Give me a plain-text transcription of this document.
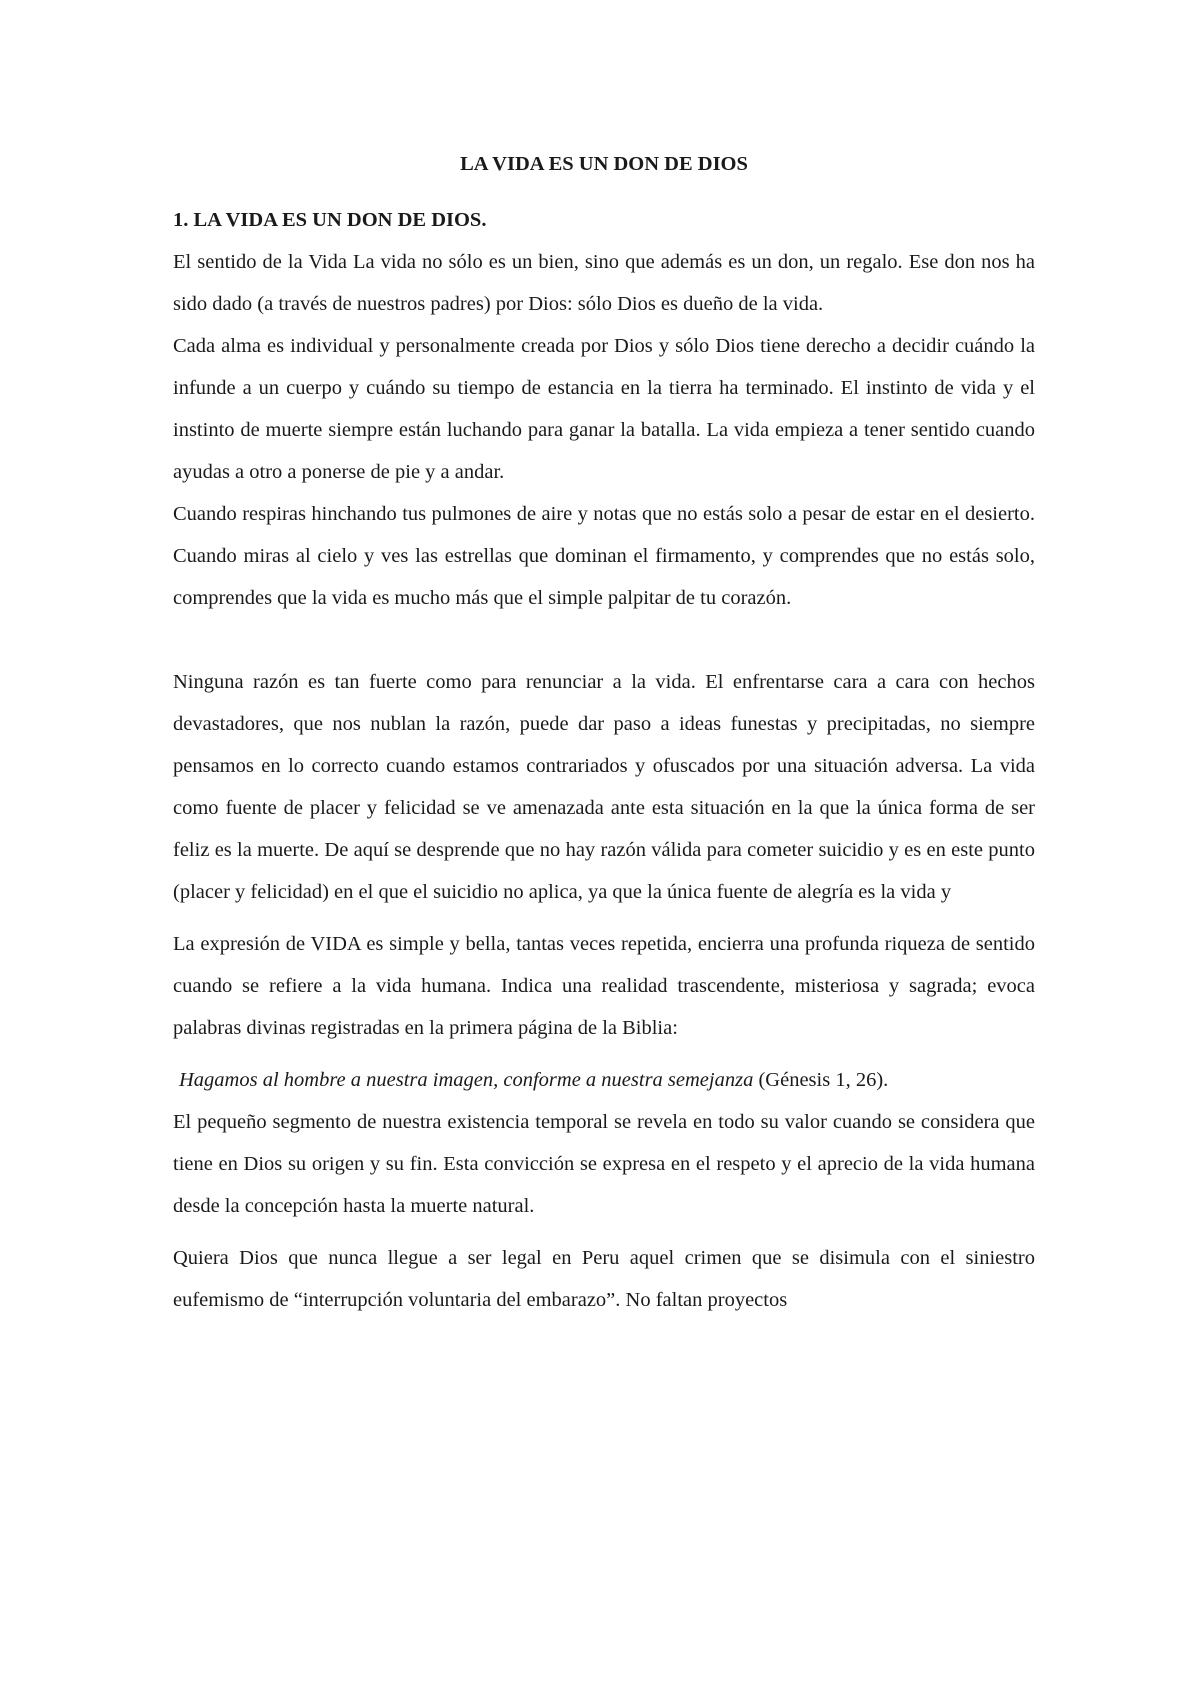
LA VIDA ES UN DON DE DIOS
1. LA VIDA ES UN DON DE DIOS.

El sentido de la Vida La vida no sólo es un bien, sino que además es un don, un regalo. Ese don nos ha sido dado (a través de nuestros padres) por Dios: sólo Dios es dueño de la vida.

Cada alma es individual y personalmente creada por Dios y sólo Dios tiene derecho a decidir cuándo la infunde a un cuerpo y cuándo su tiempo de estancia en la tierra ha terminado. El instinto de vida y el instinto de muerte siempre están luchando para ganar la batalla. La vida empieza a tener sentido cuando ayudas a otro a ponerse de pie y a andar.

Cuando respiras hinchando tus pulmones de aire y notas que no estás solo a pesar de estar en el desierto. Cuando miras al cielo y ves las estrellas que dominan el firmamento, y comprendes que no estás solo, comprendes que la vida es mucho más que el simple palpitar de tu corazón.

Ninguna razón es tan fuerte como para renunciar a la vida. El enfrentarse cara a cara con hechos devastadores, que nos nublan la razón, puede dar paso a ideas funestas y precipitadas, no siempre pensamos en lo correcto cuando estamos contrariados y ofuscados por una situación adversa. La vida como fuente de placer y felicidad se ve amenazada ante esta situación en la que la única forma de ser feliz es la muerte. De aquí se desprende que no hay razón válida para cometer suicidio y es en este punto (placer y felicidad) en el que el suicidio no aplica, ya que la única fuente de alegría es la vida y

La expresión de VIDA es simple y bella, tantas veces repetida, encierra una profunda riqueza de sentido cuando se refiere a la vida humana. Indica una realidad trascendente, misteriosa y sagrada; evoca palabras divinas registradas en la primera página de la Biblia:

Hagamos al hombre a nuestra imagen, conforme a nuestra semejanza (Génesis 1, 26).

El pequeño segmento de nuestra existencia temporal se revela en todo su valor cuando se considera que tiene en Dios su origen y su fin. Esta convicción se expresa en el respeto y el aprecio de la vida humana desde la concepción hasta la muerte natural.

Quiera Dios que nunca llegue a ser legal en Peru aquel crimen que se disimula con el siniestro eufemismo de “interrupción voluntaria del embarazo”. No faltan proyectos
